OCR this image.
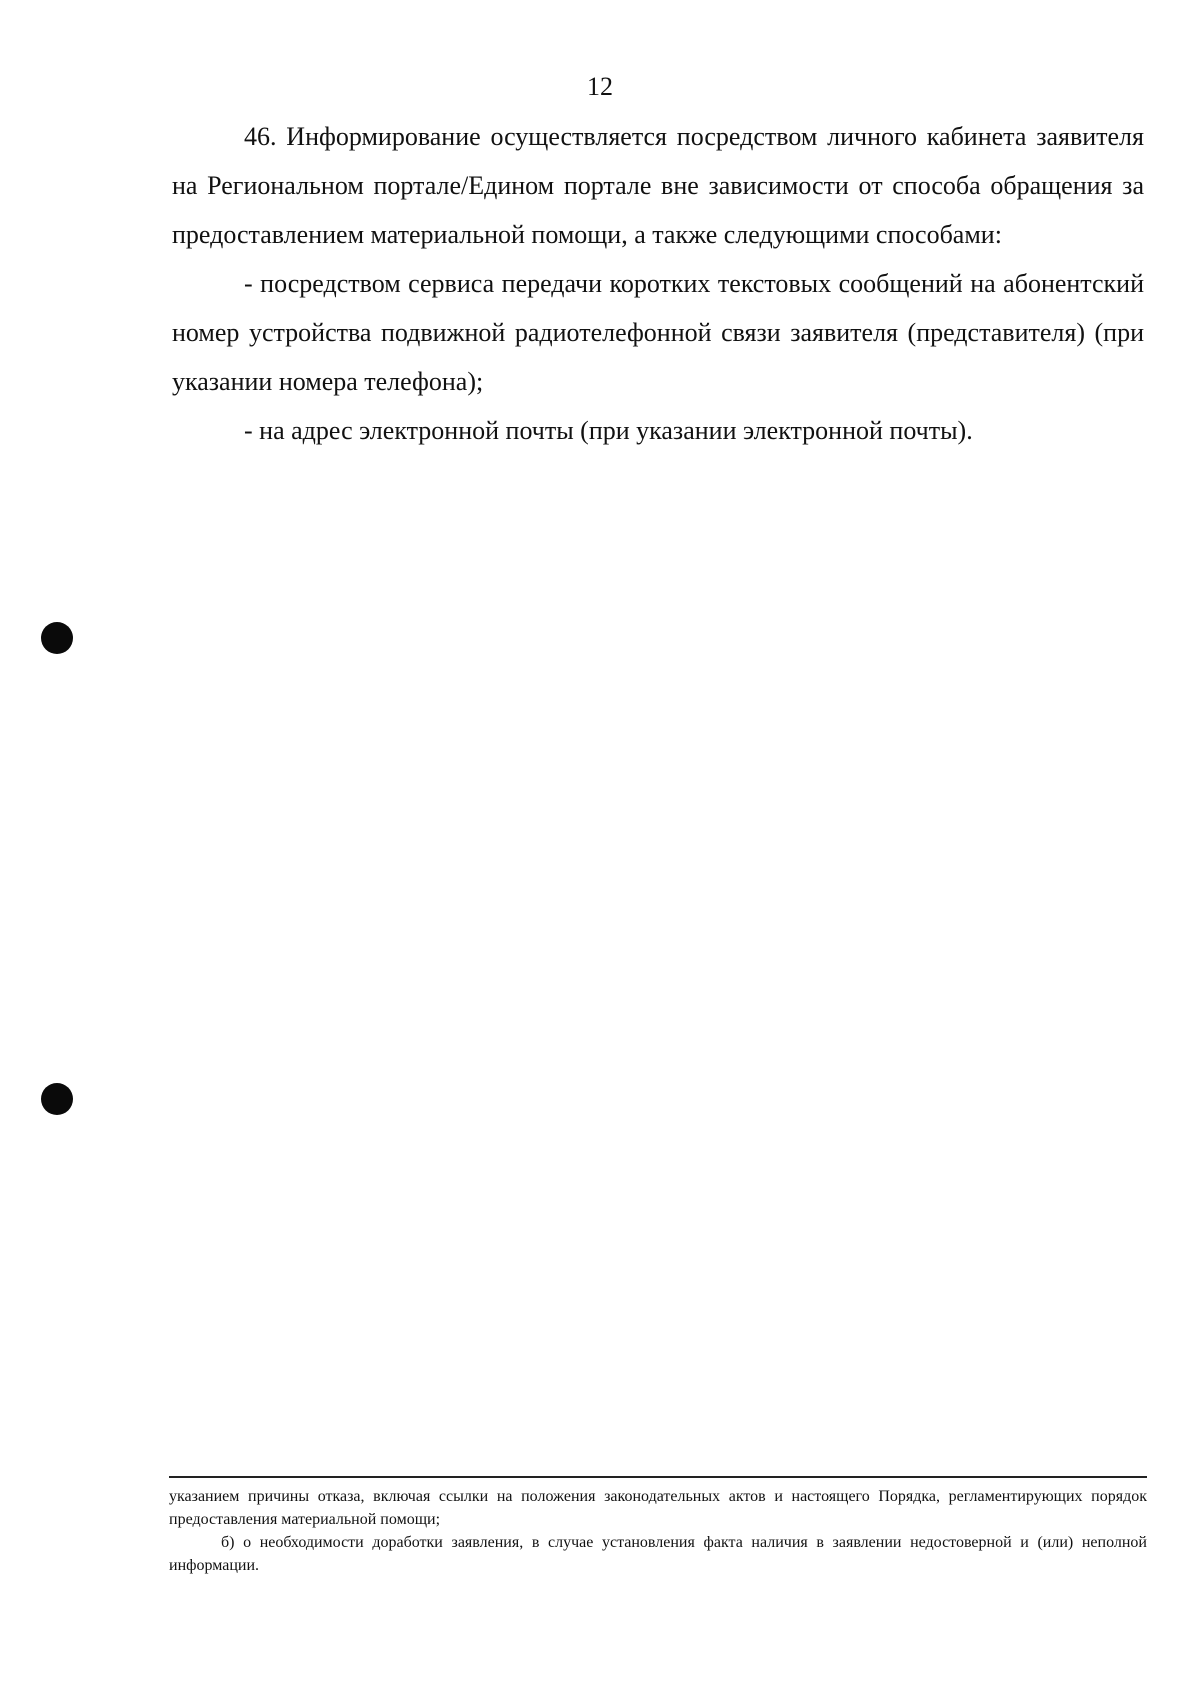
12

46. Информирование осуществляется посредством личного кабинета заявителя на Региональном портале/Едином портале вне зависимости от способа обращения за предоставлением материальной помощи, а также следующими способами:

- посредством сервиса передачи коротких текстовых сообщений на абонентский номер устройства подвижной радиотелефонной связи заявителя (представителя) (при указании номера телефона);

- на адрес электронной почты (при указании электронной почты).

указанием причины отказа, включая ссылки на положения законодательных актов и настоящего Порядка, регламентирующих порядок предоставления материальной помощи;

б) о необходимости доработки заявления, в случае установления факта наличия в заявлении недостоверной и (или) неполной информации.
